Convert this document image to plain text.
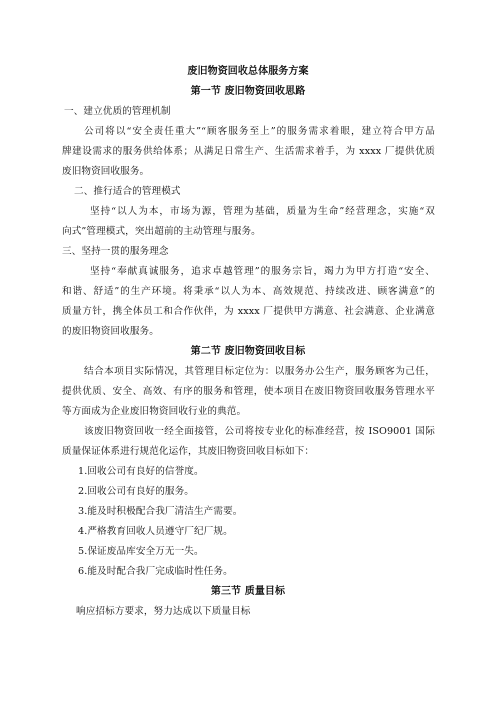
废旧物资回收总体服务方案
第一节 废旧物资回收思路
一、建立优质的管理机制
公司将以“安全责任重大”“顾客服务至上”的服务需求着眼，建立符合甲方品
牌建设需求的服务供给体系；从满足日常生产、生活需求着手，为 xxxx 厂提供优质
废旧物资回收服务。
二、推行适合的管理模式
坚持“以人为本，市场为源，管理为基础，质量为生命”经营理念，实施“双
向式”管理模式，突出超前的主动管理与服务。
三、坚持一贯的服务理念
坚持“奉献真诚服务，追求卓越管理”的服务宗旨，竭力为甲方打造“安全、
和谐、舒适”的生产环境。将秉承“以人为本、高效规范、持续改进、顾客满意”的
质量方针，携全体员工和合作伙伴，为 xxxx 厂提供甲方满意、社会满意、企业满意
的废旧物资回收服务。
第二节 废旧物资回收目标
结合本项目实际情况，其管理目标定位为：以服务办公生产，服务顾客为己任，
提供优质、安全、高效、有序的服务和管理，使本项目在废旧物资回收服务管理水平
等方面成为企业废旧物资回收行业的典范。
该废旧物资回收一经全面接管，公司将按专业化的标准经营，按 ISO9001 国际
质量保证体系进行规范化运作，其废旧物资回收目标如下：
1.回收公司有良好的信誉度。
2.回收公司有良好的服务。
3.能及时积极配合我厂清洁生产需要。
4.严格教育回收人员遵守厂纪厂规。
5.保证废品库安全万无一失。
6.能及时配合我厂完成临时性任务。
第三节 质量目标
响应招标方要求，努力达成以下质量目标
